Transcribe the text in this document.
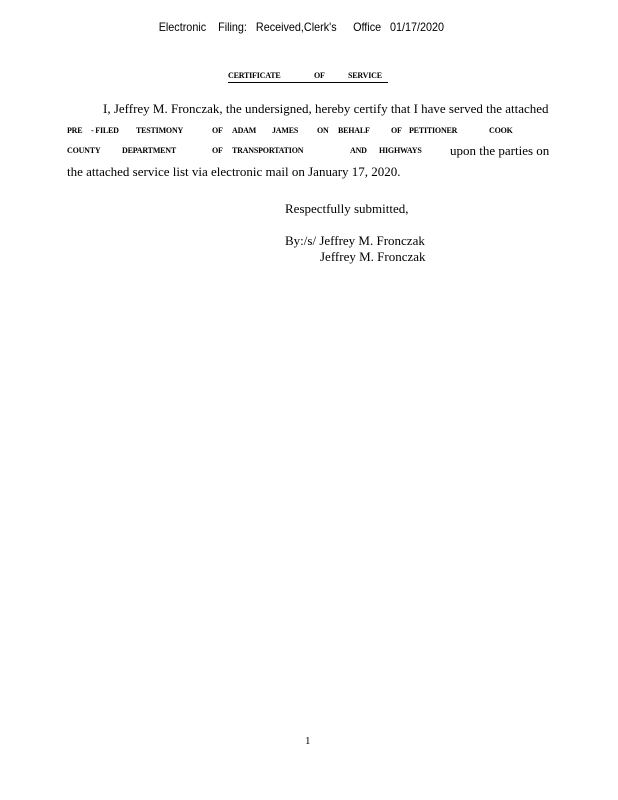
Electronic Filing: Received,Clerk's Office 01/17/2020
CERTIFICATE	OF	SERVICE
I, Jeffrey M. Fronczak, the undersigned, hereby certify that I have served the attached
PRE - FILED TESTIMONY	OF ADAM JAMES ON BEHALF	OF PETITIONER	COOK
COUNTY	DEPARTMENT	OF TRANSPORTATION	AND HIGHWAYS upon the parties on
the attached service list via electronic mail on January 17, 2020.
Respectfully submitted,
By:/s/ Jeffrey M. Fronczak
Jeffrey M. Fronczak
1
